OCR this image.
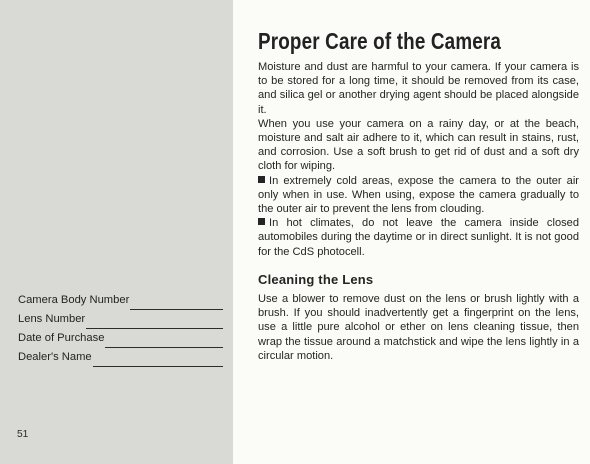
Camera Body Number
Lens Number
Date of Purchase
Dealer's Name
51
Proper Care of the Camera

Moisture and dust are harmful to your camera. If your camera is to be stored for a long time, it should be removed from its case, and silica gel or another drying agent should be placed alongside it.

When you use your camera on a rainy day, or at the beach, moisture and salt air adhere to it, which can result in stains, rust, and corrosion. Use a soft brush to get rid of dust and a soft dry cloth for wiping.

In extremely cold areas, expose the camera to the outer air only when in use. When using, expose the camera gradually to the outer air to prevent the lens from clouding.

In hot climates, do not leave the camera inside closed automobiles during the daytime or in direct sunlight. It is not good for the CdS photocell.

Cleaning the Lens

Use a blower to remove dust on the lens or brush lightly with a brush. If you should inadvertently get a fingerprint on the lens, use a little pure alcohol or ether on lens cleaning tissue, then wrap the tissue around a matchstick and wipe the lens lightly in a circular motion.
